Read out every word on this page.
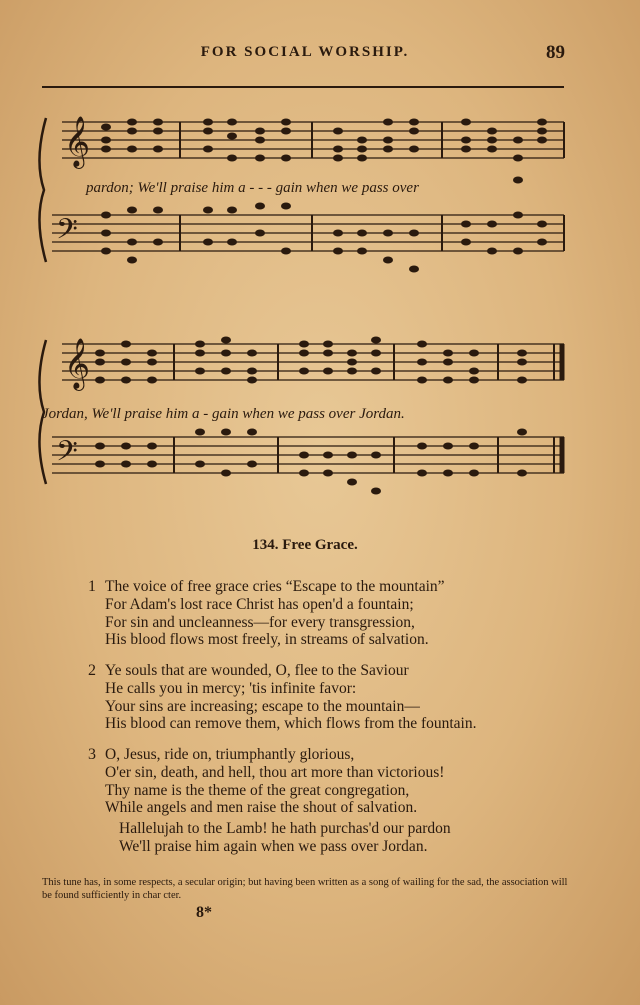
FOR SOCIAL WORSHIP.	89
𝄞
𝄢
pardon; We'll praise him a - - - gain when we pass over
𝄞
𝄢
Jordan, We'll praise him a - gain when we pass over Jordan.
134. Free Grace.
1 The voice of free grace cries “Escape to the mountain”
For Adam's lost race Christ has open'd a fountain;
For sin and uncleanness—for every transgression,
His blood flows most freely, in streams of salvation.
2 Ye souls that are wounded, O, flee to the Saviour
He calls you in mercy; 'tis infinite favor:
Your sins are increasing; escape to the mountain—
His blood can remove them, which flows from the fountain.
3 O, Jesus, ride on, triumphantly glorious,
O'er sin, death, and hell, thou art more than victorious!
Thy name is the theme of the great congregation,
While angels and men raise the shout of salvation.
Hallelujah to the Lamb! he hath purchas'd our pardon
We'll praise him again when we pass over Jordan.
This tune has, in some respects, a secular origin; but having been written as a song of wailing for the sad, the association will be found sufficiently in char cter.
8*
